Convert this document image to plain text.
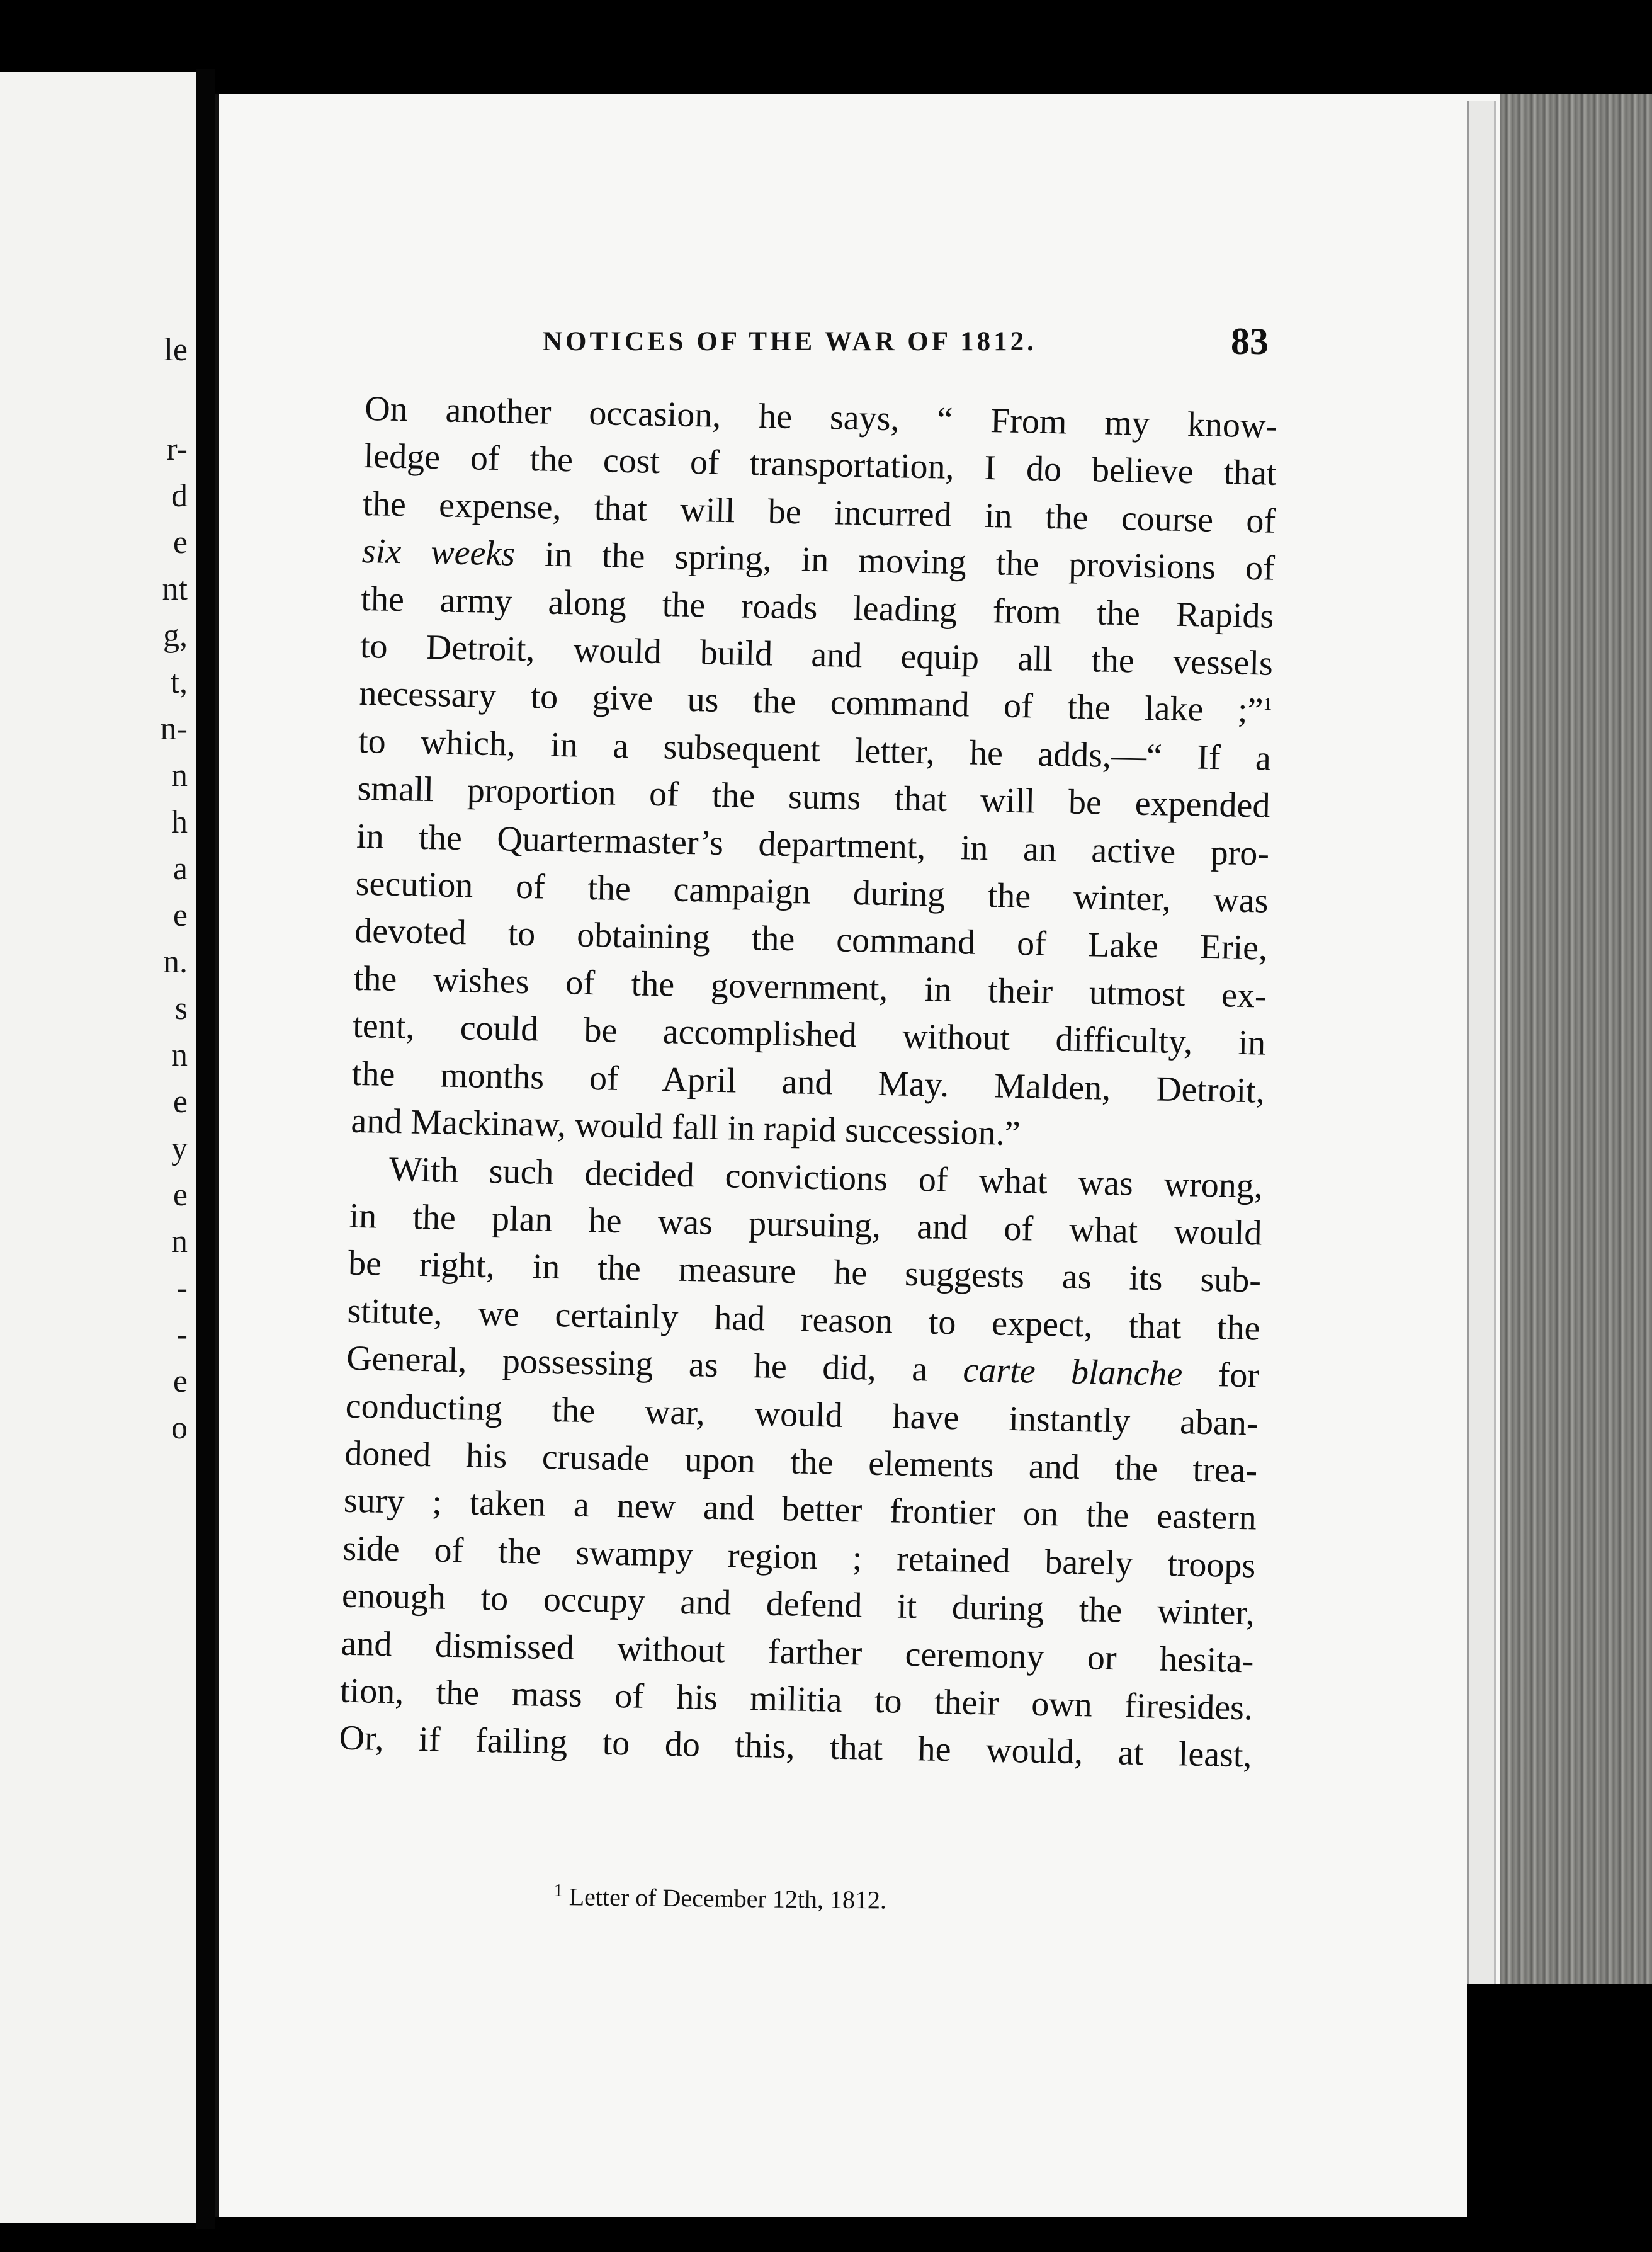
le
r-
d
e
nt
g,
t,
n-
n
h
a
e
n.
s
n
e
y
e
n
-
-
e
o
NOTICES OF THE WAR OF 1812.	83
On another occasion, he says, “ From my know-
ledge of the cost of transportation, I do believe that
the expense, that will be incurred in the course of
six weeks in the spring, in moving the provisions of
the army along the roads leading from the Rapids
to Detroit, would build and equip all the vessels
necessary to give us the command of the lake ;”$^1$
to which, in a subsequent letter, he adds,—“ If a
small proportion of the sums that will be expended
in the Quartermaster’s department, in an active pro-
secution of the campaign during the winter, was
devoted to obtaining the command of Lake Erie,
the wishes of the government, in their utmost ex-
tent, could be accomplished without difficulty, in
the months of April and May. Malden, Detroit,
and Mackinaw, would fall in rapid succession.”
With such decided convictions of what was wrong,
in the plan he was pursuing, and of what would
be right, in the measure he suggests as its sub-
stitute, we certainly had reason to expect, that the
General, possessing as he did, a carte blanche for
conducting the war, would have instantly aban-
doned his crusade upon the elements and the trea-
sury ; taken a new and better frontier on the eastern
side of the swampy region ; retained barely troops
enough to occupy and defend it during the winter,
and dismissed without farther ceremony or hesita-
tion, the mass of his militia to their own firesides.
Or, if failing to do this, that he would, at least,
$^1$ Letter of December 12th, 1812.
